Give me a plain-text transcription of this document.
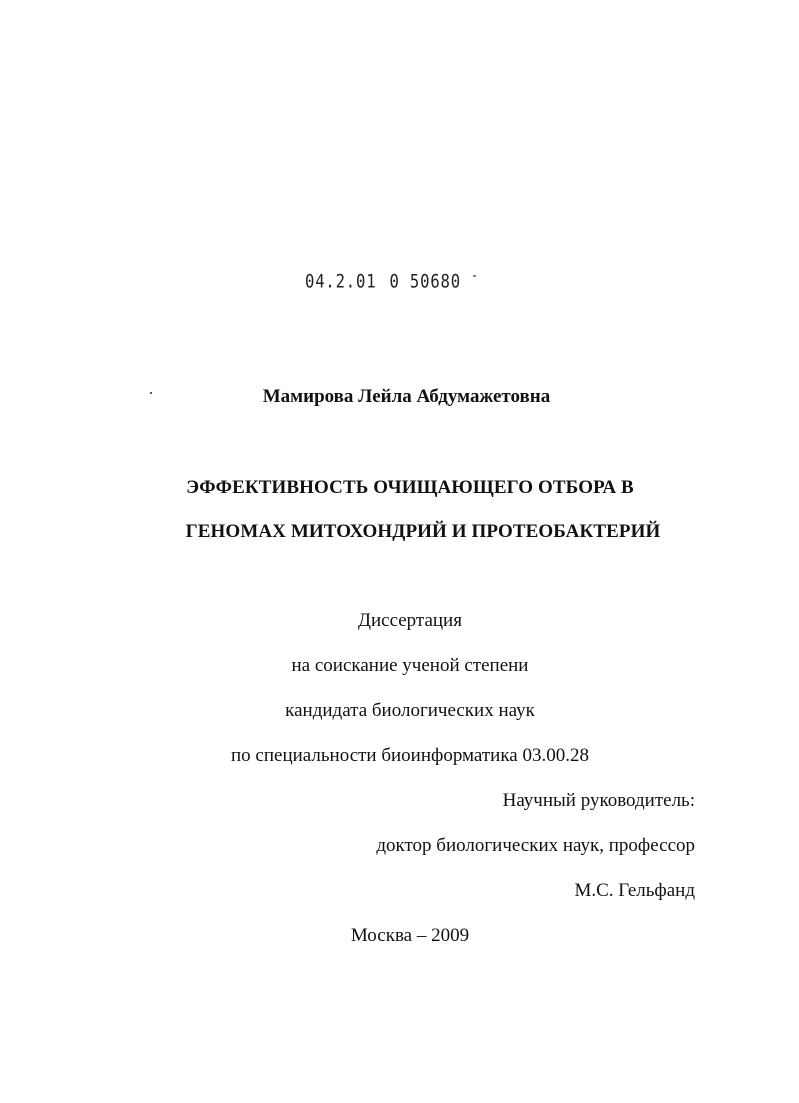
04.2.01 0 50680 -
Мамирова Лейла Абдумажетовна
ЭФФЕКТИВНОСТЬ ОЧИЩАЮЩЕГО ОТБОРА В
ГЕНОМАХ МИТОХОНДРИЙ И ПРОТЕОБАКТЕРИЙ
Диссертация
на соискание ученой степени
кандидата биологических наук
по специальности биоинформатика 03.00.28
Научный руководитель:
доктор биологических наук, профессор
М.С. Гельфанд
Москва – 2009
